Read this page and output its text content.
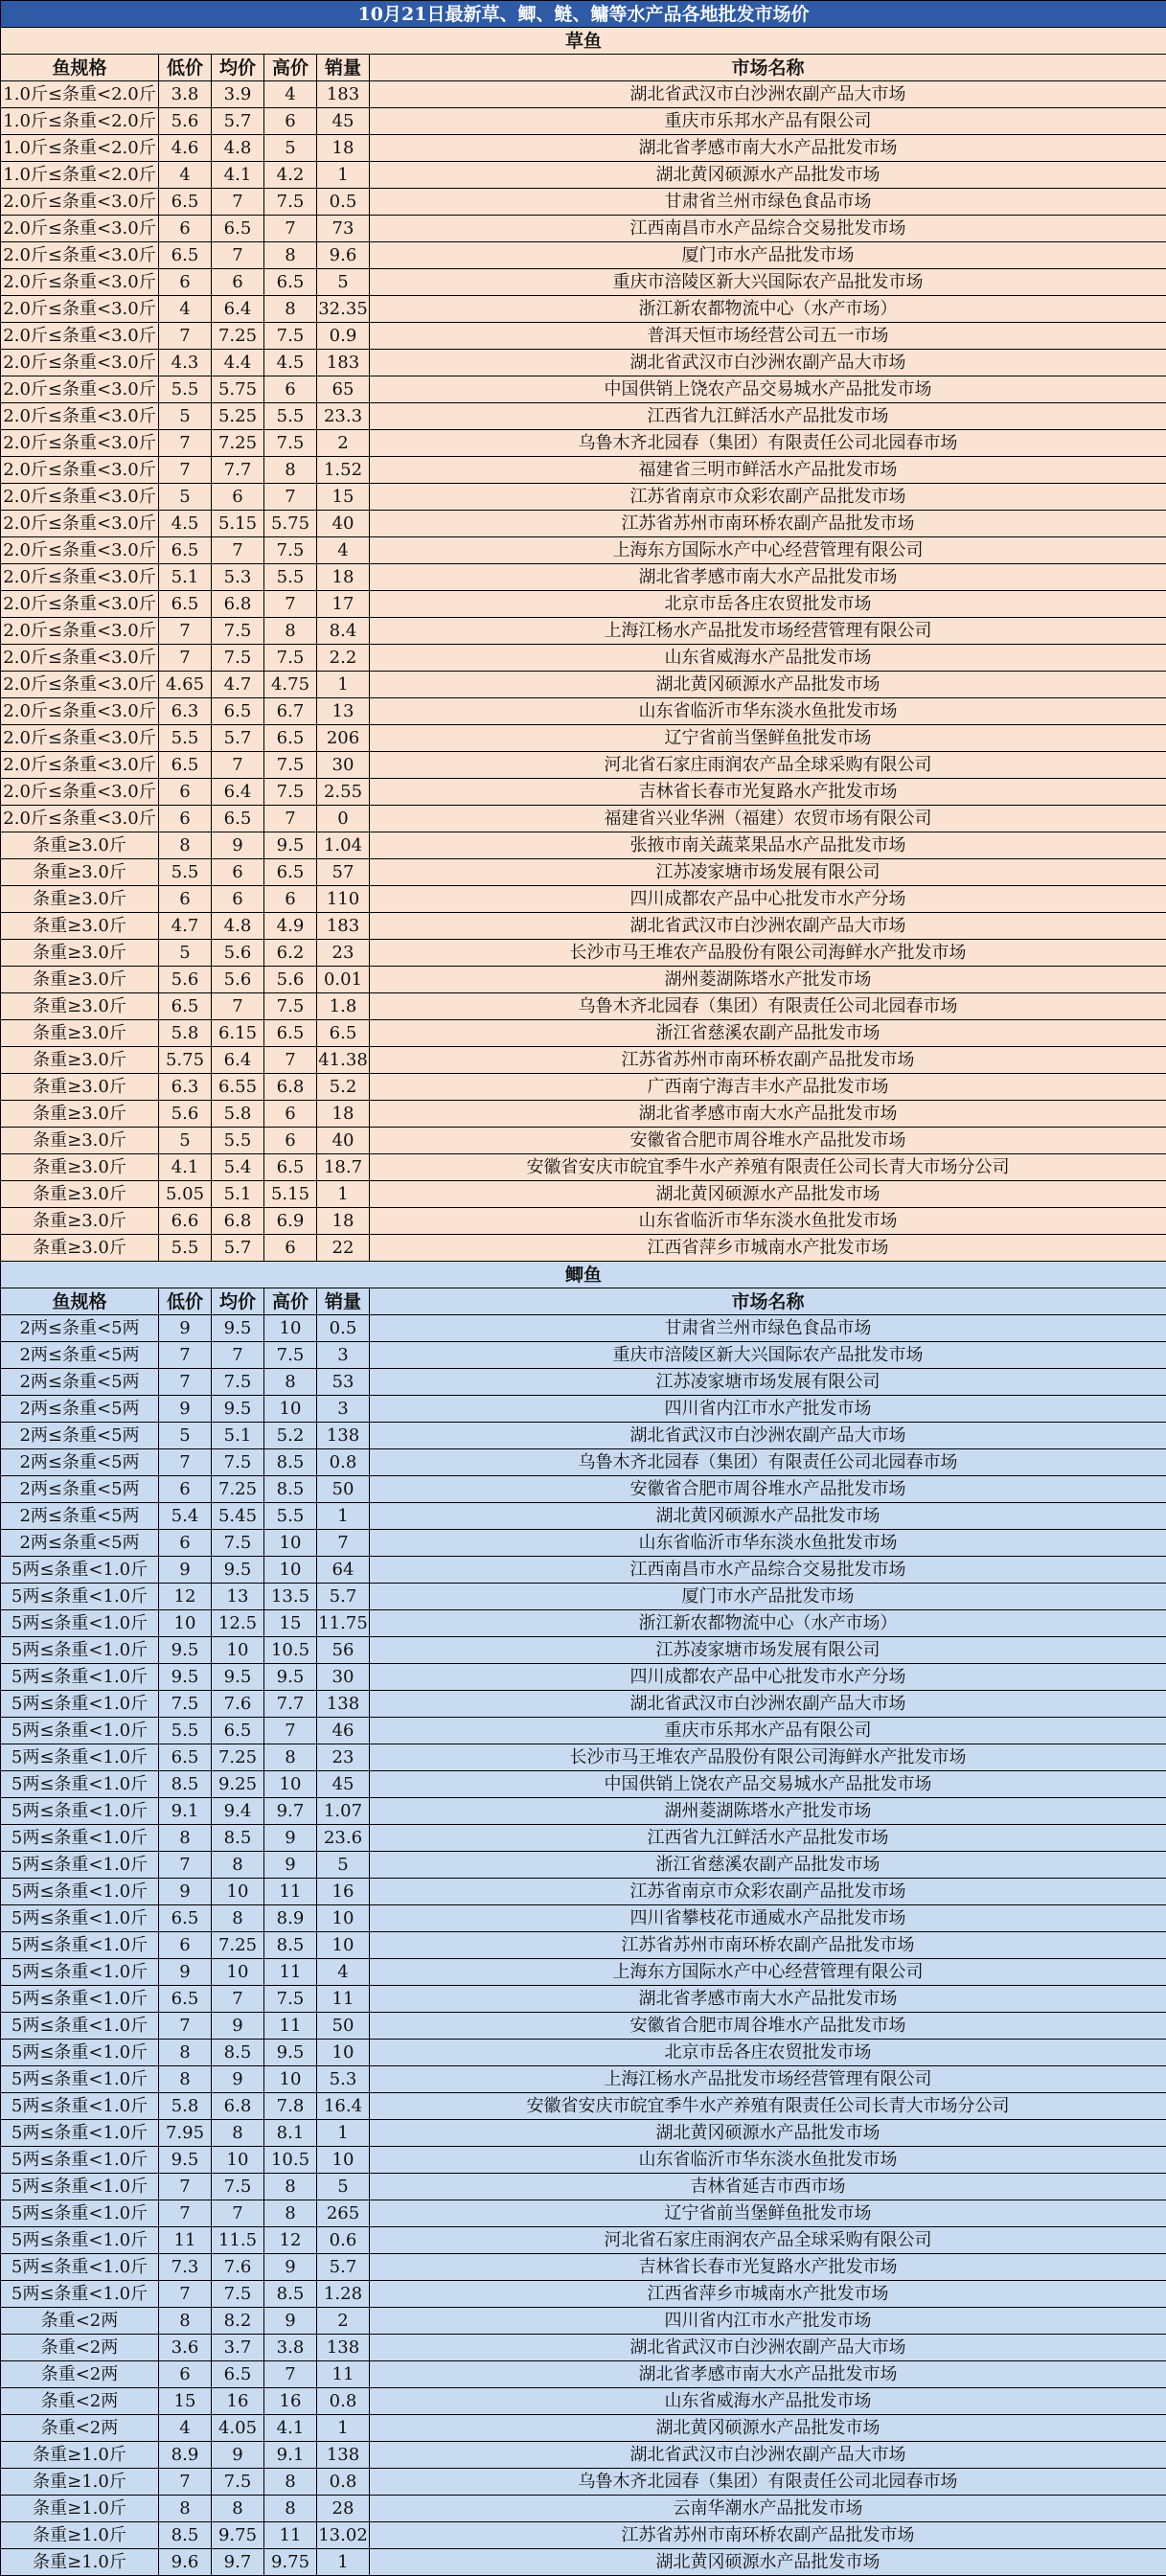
10月21日最新草、鲫、鲢、鳙等水产品各地批发市场价					
草鱼					
鱼规格	低价	均价	高价	销量	市场名称
1.0斤≤条重<2.0斤	3.8	3.9	4	183	湖北省武汉市白沙洲农副产品大市场
1.0斤≤条重<2.0斤	5.6	5.7	6	45	重庆市乐邦水产品有限公司
1.0斤≤条重<2.0斤	4.6	4.8	5	18	湖北省孝感市南大水产品批发市场
1.0斤≤条重<2.0斤	4	4.1	4.2	1	湖北黄冈硕源水产品批发市场
2.0斤≤条重<3.0斤	6.5	7	7.5	0.5	甘肃省兰州市绿色食品市场
2.0斤≤条重<3.0斤	6	6.5	7	73	江西南昌市水产品综合交易批发市场
2.0斤≤条重<3.0斤	6.5	7	8	9.6	厦门市水产品批发市场
2.0斤≤条重<3.0斤	6	6	6.5	5	重庆市涪陵区新大兴国际农产品批发市场
2.0斤≤条重<3.0斤	4	6.4	8	32.35	浙江新农都物流中心（水产市场）
2.0斤≤条重<3.0斤	7	7.25	7.5	0.9	普洱天恒市场经营公司五一市场
2.0斤≤条重<3.0斤	4.3	4.4	4.5	183	湖北省武汉市白沙洲农副产品大市场
2.0斤≤条重<3.0斤	5.5	5.75	6	65	中国供销上饶农产品交易城水产品批发市场
2.0斤≤条重<3.0斤	5	5.25	5.5	23.3	江西省九江鲜活水产品批发市场
2.0斤≤条重<3.0斤	7	7.25	7.5	2	乌鲁木齐北园春（集团）有限责任公司北园春市场
2.0斤≤条重<3.0斤	7	7.7	8	1.52	福建省三明市鲜活水产品批发市场
2.0斤≤条重<3.0斤	5	6	7	15	江苏省南京市众彩农副产品批发市场
2.0斤≤条重<3.0斤	4.5	5.15	5.75	40	江苏省苏州市南环桥农副产品批发市场
2.0斤≤条重<3.0斤	6.5	7	7.5	4	上海东方国际水产中心经营管理有限公司
2.0斤≤条重<3.0斤	5.1	5.3	5.5	18	湖北省孝感市南大水产品批发市场
2.0斤≤条重<3.0斤	6.5	6.8	7	17	北京市岳各庄农贸批发市场
2.0斤≤条重<3.0斤	7	7.5	8	8.4	上海江杨水产品批发市场经营管理有限公司
2.0斤≤条重<3.0斤	7	7.5	7.5	2.2	山东省威海水产品批发市场
2.0斤≤条重<3.0斤	4.65	4.7	4.75	1	湖北黄冈硕源水产品批发市场
2.0斤≤条重<3.0斤	6.3	6.5	6.7	13	山东省临沂市华东淡水鱼批发市场
2.0斤≤条重<3.0斤	5.5	5.7	6.5	206	辽宁省前当堡鲜鱼批发市场
2.0斤≤条重<3.0斤	6.5	7	7.5	30	河北省石家庄雨润农产品全球采购有限公司
2.0斤≤条重<3.0斤	6	6.4	7.5	2.55	吉林省长春市光复路水产批发市场
2.0斤≤条重<3.0斤	6	6.5	7	0	福建省兴业华洲（福建）农贸市场有限公司
条重≥3.0斤	8	9	9.5	1.04	张掖市南关蔬菜果品水产品批发市场
条重≥3.0斤	5.5	6	6.5	57	江苏凌家塘市场发展有限公司
条重≥3.0斤	6	6	6	110	四川成都农产品中心批发市水产分场
条重≥3.0斤	4.7	4.8	4.9	183	湖北省武汉市白沙洲农副产品大市场
条重≥3.0斤	5	5.6	6.2	23	长沙市马王堆农产品股份有限公司海鲜水产批发市场
条重≥3.0斤	5.6	5.6	5.6	0.01	湖州菱湖陈塔水产批发市场
条重≥3.0斤	6.5	7	7.5	1.8	乌鲁木齐北园春（集团）有限责任公司北园春市场
条重≥3.0斤	5.8	6.15	6.5	6.5	浙江省慈溪农副产品批发市场
条重≥3.0斤	5.75	6.4	7	41.38	江苏省苏州市南环桥农副产品批发市场
条重≥3.0斤	6.3	6.55	6.8	5.2	广西南宁海吉丰水产品批发市场
条重≥3.0斤	5.6	5.8	6	18	湖北省孝感市南大水产品批发市场
条重≥3.0斤	5	5.5	6	40	安徽省合肥市周谷堆水产品批发市场
条重≥3.0斤	4.1	5.4	6.5	18.7	安徽省安庆市皖宜季牛水产养殖有限责任公司长青大市场分公司
条重≥3.0斤	5.05	5.1	5.15	1	湖北黄冈硕源水产品批发市场
条重≥3.0斤	6.6	6.8	6.9	18	山东省临沂市华东淡水鱼批发市场
条重≥3.0斤	5.5	5.7	6	22	江西省萍乡市城南水产批发市场
鲫鱼					
鱼规格	低价	均价	高价	销量	市场名称
2两≤条重<5两	9	9.5	10	0.5	甘肃省兰州市绿色食品市场
2两≤条重<5两	7	7	7.5	3	重庆市涪陵区新大兴国际农产品批发市场
2两≤条重<5两	7	7.5	8	53	江苏凌家塘市场发展有限公司
2两≤条重<5两	9	9.5	10	3	四川省内江市水产批发市场
2两≤条重<5两	5	5.1	5.2	138	湖北省武汉市白沙洲农副产品大市场
2两≤条重<5两	7	7.5	8.5	0.8	乌鲁木齐北园春（集团）有限责任公司北园春市场
2两≤条重<5两	6	7.25	8.5	50	安徽省合肥市周谷堆水产品批发市场
2两≤条重<5两	5.4	5.45	5.5	1	湖北黄冈硕源水产品批发市场
2两≤条重<5两	6	7.5	10	7	山东省临沂市华东淡水鱼批发市场
5两≤条重<1.0斤	9	9.5	10	64	江西南昌市水产品综合交易批发市场
5两≤条重<1.0斤	12	13	13.5	5.7	厦门市水产品批发市场
5两≤条重<1.0斤	10	12.5	15	11.75	浙江新农都物流中心（水产市场）
5两≤条重<1.0斤	9.5	10	10.5	56	江苏凌家塘市场发展有限公司
5两≤条重<1.0斤	9.5	9.5	9.5	30	四川成都农产品中心批发市水产分场
5两≤条重<1.0斤	7.5	7.6	7.7	138	湖北省武汉市白沙洲农副产品大市场
5两≤条重<1.0斤	5.5	6.5	7	46	重庆市乐邦水产品有限公司
5两≤条重<1.0斤	6.5	7.25	8	23	长沙市马王堆农产品股份有限公司海鲜水产批发市场
5两≤条重<1.0斤	8.5	9.25	10	45	中国供销上饶农产品交易城水产品批发市场
5两≤条重<1.0斤	9.1	9.4	9.7	1.07	湖州菱湖陈塔水产批发市场
5两≤条重<1.0斤	8	8.5	9	23.6	江西省九江鲜活水产品批发市场
5两≤条重<1.0斤	7	8	9	5	浙江省慈溪农副产品批发市场
5两≤条重<1.0斤	9	10	11	16	江苏省南京市众彩农副产品批发市场
5两≤条重<1.0斤	6.5	8	8.9	10	四川省攀枝花市通威水产品批发市场
5两≤条重<1.0斤	6	7.25	8.5	10	江苏省苏州市南环桥农副产品批发市场
5两≤条重<1.0斤	9	10	11	4	上海东方国际水产中心经营管理有限公司
5两≤条重<1.0斤	6.5	7	7.5	11	湖北省孝感市南大水产品批发市场
5两≤条重<1.0斤	7	9	11	50	安徽省合肥市周谷堆水产品批发市场
5两≤条重<1.0斤	8	8.5	9.5	10	北京市岳各庄农贸批发市场
5两≤条重<1.0斤	8	9	10	5.3	上海江杨水产品批发市场经营管理有限公司
5两≤条重<1.0斤	5.8	6.8	7.8	16.4	安徽省安庆市皖宜季牛水产养殖有限责任公司长青大市场分公司
5两≤条重<1.0斤	7.95	8	8.1	1	湖北黄冈硕源水产品批发市场
5两≤条重<1.0斤	9.5	10	10.5	10	山东省临沂市华东淡水鱼批发市场
5两≤条重<1.0斤	7	7.5	8	5	吉林省延吉市西市场
5两≤条重<1.0斤	7	7	8	265	辽宁省前当堡鲜鱼批发市场
5两≤条重<1.0斤	11	11.5	12	0.6	河北省石家庄雨润农产品全球采购有限公司
5两≤条重<1.0斤	7.3	7.6	9	5.7	吉林省长春市光复路水产批发市场
5两≤条重<1.0斤	7	7.5	8.5	1.28	江西省萍乡市城南水产批发市场
条重<2两	8	8.2	9	2	四川省内江市水产批发市场
条重<2两	3.6	3.7	3.8	138	湖北省武汉市白沙洲农副产品大市场
条重<2两	6	6.5	7	11	湖北省孝感市南大水产品批发市场
条重<2两	15	16	16	0.8	山东省威海水产品批发市场
条重<2两	4	4.05	4.1	1	湖北黄冈硕源水产品批发市场
条重≥1.0斤	8.9	9	9.1	138	湖北省武汉市白沙洲农副产品大市场
条重≥1.0斤	7	7.5	8	0.8	乌鲁木齐北园春（集团）有限责任公司北园春市场
条重≥1.0斤	8	8	8	28	云南华潮水产品批发市场
条重≥1.0斤	8.5	9.75	11	13.02	江苏省苏州市南环桥农副产品批发市场
条重≥1.0斤	9.6	9.7	9.75	1	湖北黄冈硕源水产品批发市场
